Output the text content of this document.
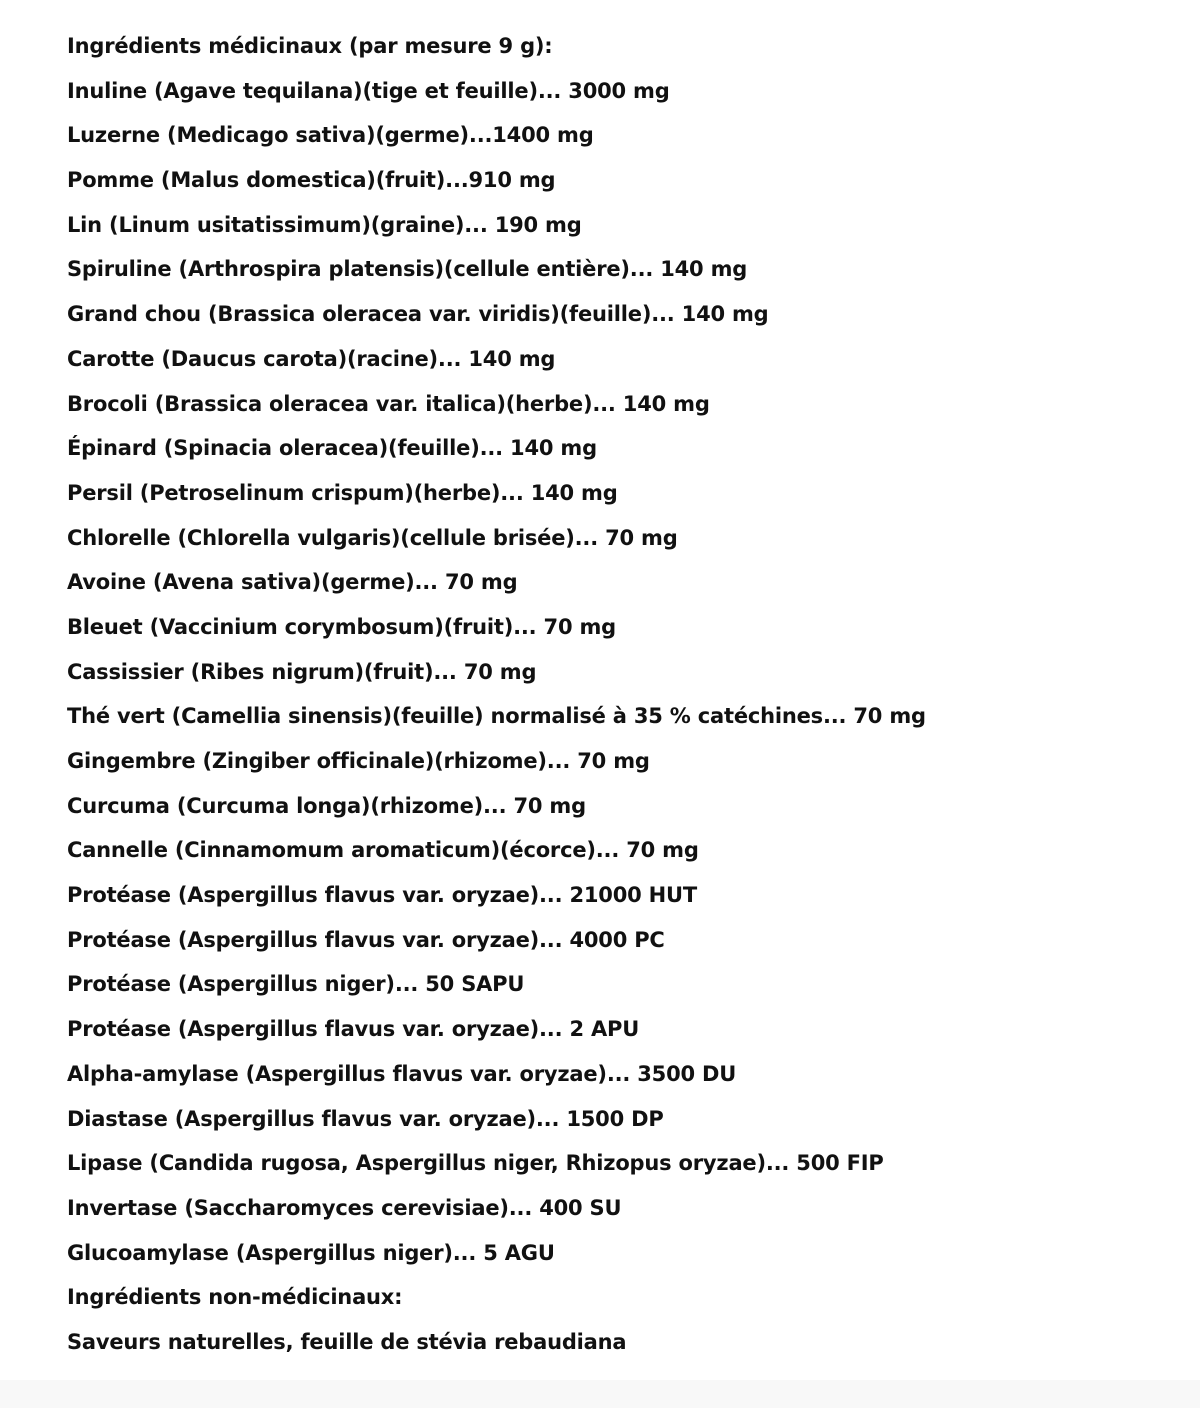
Ingrédients médicinaux (par mesure 9 g):
Inuline (Agave tequilana)(tige et feuille)... 3000 mg
Luzerne (Medicago sativa)(germe)...1400 mg
Pomme (Malus domestica)(fruit)...910 mg
Lin (Linum usitatissimum)(graine)... 190 mg
Spiruline (Arthrospira platensis)(cellule entière)... 140 mg
Grand chou (Brassica oleracea var. viridis)(feuille)... 140 mg
Carotte (Daucus carota)(racine)... 140 mg
Brocoli (Brassica oleracea var. italica)(herbe)... 140 mg
Épinard (Spinacia oleracea)(feuille)... 140 mg
Persil (Petroselinum crispum)(herbe)... 140 mg
Chlorelle (Chlorella vulgaris)(cellule brisée)... 70 mg
Avoine (Avena sativa)(germe)... 70 mg
Bleuet (Vaccinium corymbosum)(fruit)... 70 mg
Cassissier (Ribes nigrum)(fruit)... 70 mg
Thé vert (Camellia sinensis)(feuille) normalisé à 35 % catéchines... 70 mg
Gingembre (Zingiber officinale)(rhizome)... 70 mg
Curcuma (Curcuma longa)(rhizome)... 70 mg
Cannelle (Cinnamomum aromaticum)(écorce)... 70 mg
Protéase (Aspergillus flavus var. oryzae)... 21000 HUT
Protéase (Aspergillus flavus var. oryzae)... 4000 PC
Protéase (Aspergillus niger)... 50 SAPU
Protéase (Aspergillus flavus var. oryzae)... 2 APU
Alpha-amylase (Aspergillus flavus var. oryzae)... 3500 DU
Diastase (Aspergillus flavus var. oryzae)... 1500 DP
Lipase (Candida rugosa, Aspergillus niger, Rhizopus oryzae)... 500 FIP
Invertase (Saccharomyces cerevisiae)... 400 SU
Glucoamylase (Aspergillus niger)... 5 AGU
Ingrédients non-médicinaux:
Saveurs naturelles, feuille de stévia rebaudiana
